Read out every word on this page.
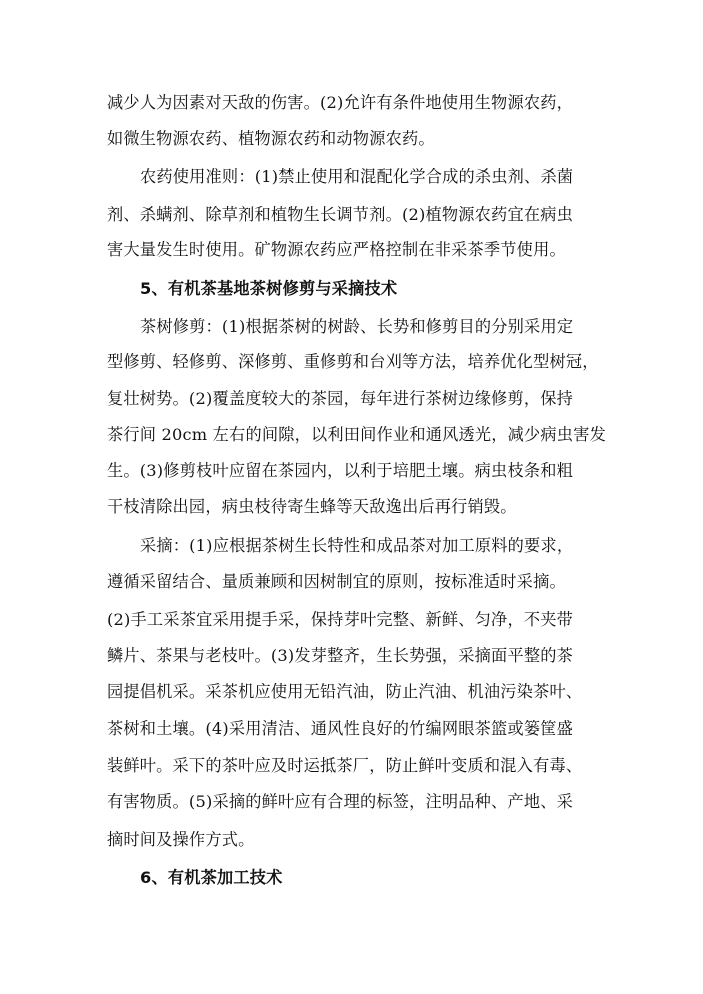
减少人为因素对天敌的伤害。(2)允许有条件地使用生物源农药，
如微生物源农药、植物源农药和动物源农药。
农药使用准则：(1)禁止使用和混配化学合成的杀虫剂、杀菌
剂、杀螨剂、除草剂和植物生长调节剂。(2)植物源农药宜在病虫
害大量发生时使用。矿物源农药应严格控制在非采茶季节使用。
5、有机茶基地茶树修剪与采摘技术
茶树修剪：(1)根据茶树的树龄、长势和修剪目的分别采用定
型修剪、轻修剪、深修剪、重修剪和台刈等方法，培养优化型树冠，
复壮树势。(2)覆盖度较大的茶园，每年进行茶树边缘修剪，保持
茶行间 20cm 左右的间隙，以利田间作业和通风透光，减少病虫害发
生。(3)修剪枝叶应留在茶园内，以利于培肥土壤。病虫枝条和粗
干枝清除出园，病虫枝待寄生蜂等天敌逸出后再行销毁。
采摘：(1)应根据茶树生长特性和成品茶对加工原料的要求，
遵循采留结合、量质兼顾和因树制宜的原则，按标准适时采摘。
(2)手工采茶宜采用提手采，保持芽叶完整、新鲜、匀净，不夹带
鳞片、茶果与老枝叶。(3)发芽整齐，生长势强，采摘面平整的茶
园提倡机采。采茶机应使用无铅汽油，防止汽油、机油污染茶叶、
茶树和土壤。(4)采用清洁、通风性良好的竹编网眼茶篮或篓筐盛
装鲜叶。采下的茶叶应及时运抵茶厂，防止鲜叶变质和混入有毒、
有害物质。(5)采摘的鲜叶应有合理的标签，注明品种、产地、采
摘时间及操作方式。
6、有机茶加工技术
